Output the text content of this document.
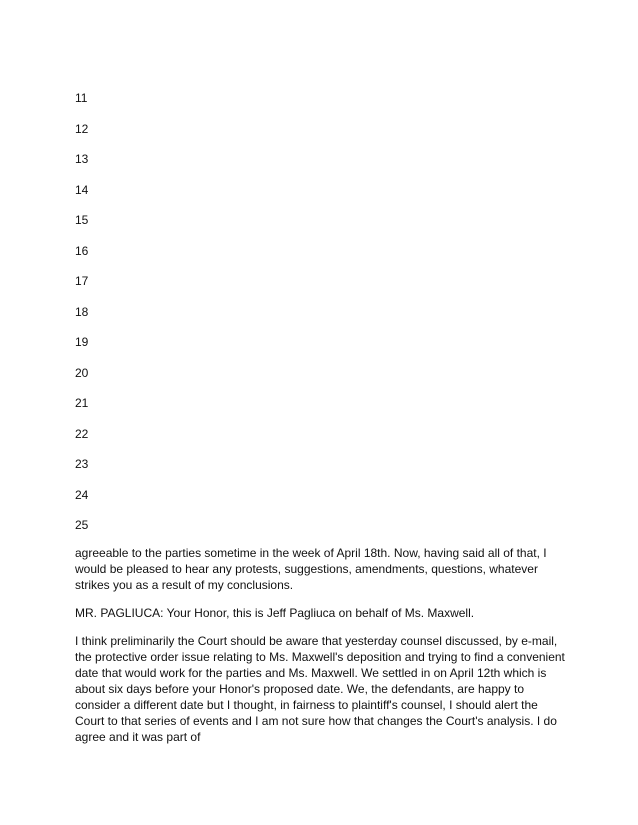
11
12
13
14
15
16
17
18
19
20
21
22
23
24
25

agreeable to the parties sometime in the week of April 18th. Now, having said all of that, I would be pleased to hear any protests, suggestions, amendments, questions, whatever strikes you as a result of my conclusions.

MR. PAGLIUCA: Your Honor, this is Jeff Pagliuca on behalf of Ms. Maxwell.

I think preliminarily the Court should be aware that yesterday counsel discussed, by e-mail, the protective order issue relating to Ms. Maxwell's deposition and trying to find a convenient date that would work for the parties and Ms. Maxwell. We settled in on April 12th which is about six days before your Honor's proposed date. We, the defendants, are happy to consider a different date but I thought, in fairness to plaintiff's counsel, I should alert the Court to that series of events and I am not sure how that changes the Court's analysis. I do agree and it was part of
